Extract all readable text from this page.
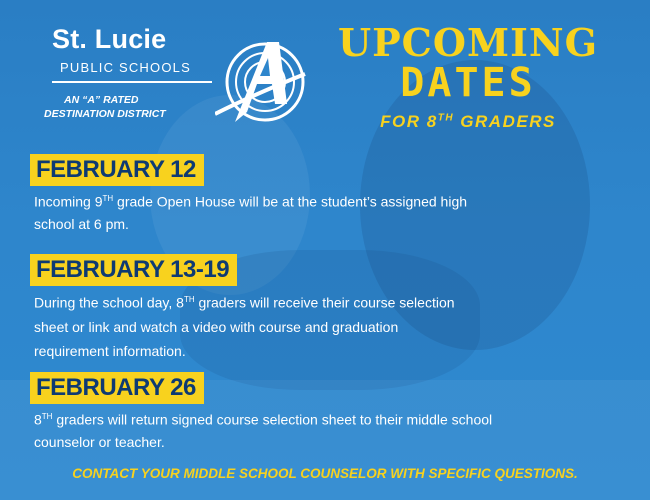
St. Lucie
PUBLIC SCHOOLS
AN “A” RATED
DESTINATION DISTRICT
UPCOMING
DATES
FOR 8TH GRADERS
FEBRUARY 12
Incoming 9TH grade Open House will be at the student’s assigned high school at 6 pm.
FEBRUARY 13-19
During the school day, 8TH graders will receive their course selection sheet or link and watch a video with course and graduation requirement information.
FEBRUARY 26
8TH graders will return signed course selection sheet to their middle school counselor or teacher.
CONTACT YOUR MIDDLE SCHOOL COUNSELOR WITH SPECIFIC QUESTIONS.
